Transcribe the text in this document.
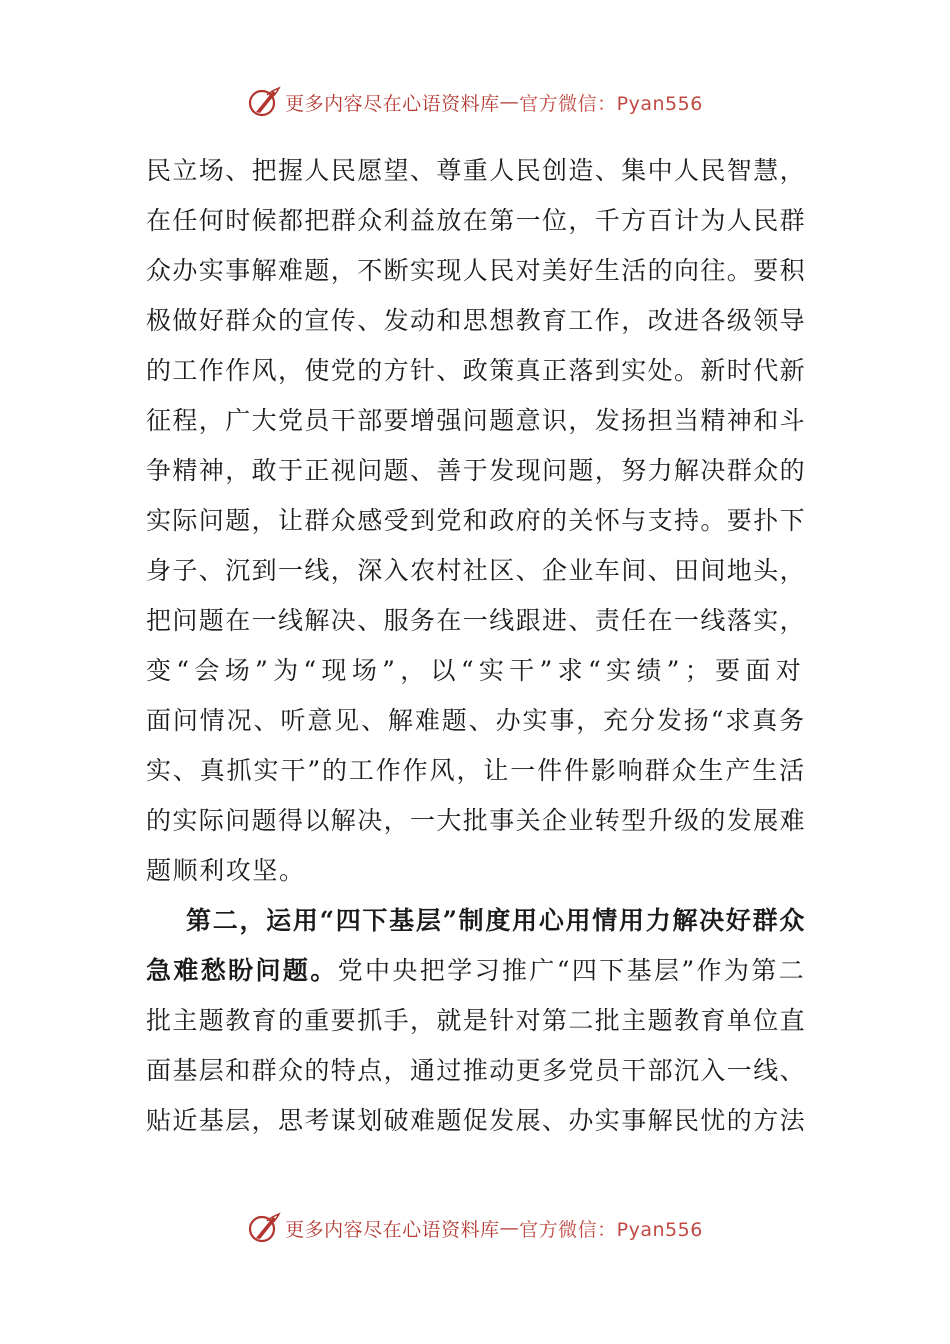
更多内容尽在心语资料库 — 官方微信：Pyan556
民立场、把握人民愿望、尊重人民创造、集中人民智慧，
在任何时候都把群众利益放在第一位，千方百计为人民群
众办实事解难题，不断实现人民对美好生活的向往。要积
极做好群众的宣传、发动和思想教育工作，改进各级领导
的工作作风，使党的方针、政策真正落到实处。新时代新
征程，广大党员干部要增强问题意识，发扬担当精神和斗
争精神，敢于正视问题、善于发现问题，努力解决群众的
实际问题，让群众感受到党和政府的关怀与支持。要扑下
身子、沉到一线，深入农村社区、企业车间、田间地头，
把问题在一线解决、服务在一线跟进、责任在一线落实，
变“会场”为“现场”，以“实干”求“实绩”；要面对
面问情况、听意见、解难题、办实事，充分发扬“求真务
实、真抓实干”的工作作风，让一件件影响群众生产生活
的实际问题得以解决，一大批事关企业转型升级的发展难
题顺利攻坚。
第二，运用“四下基层”制度用心用情用力解决好群众
急难愁盼问题。 党中央把学习推广“四下基层”作为第二
批主题教育的重要抓手，就是针对第二批主题教育单位直
面基层和群众的特点，通过推动更多党员干部沉入一线、
贴近基层，思考谋划破难题促发展、办实事解民忧的方法
更多内容尽在心语资料库 — 官方微信：Pyan556
